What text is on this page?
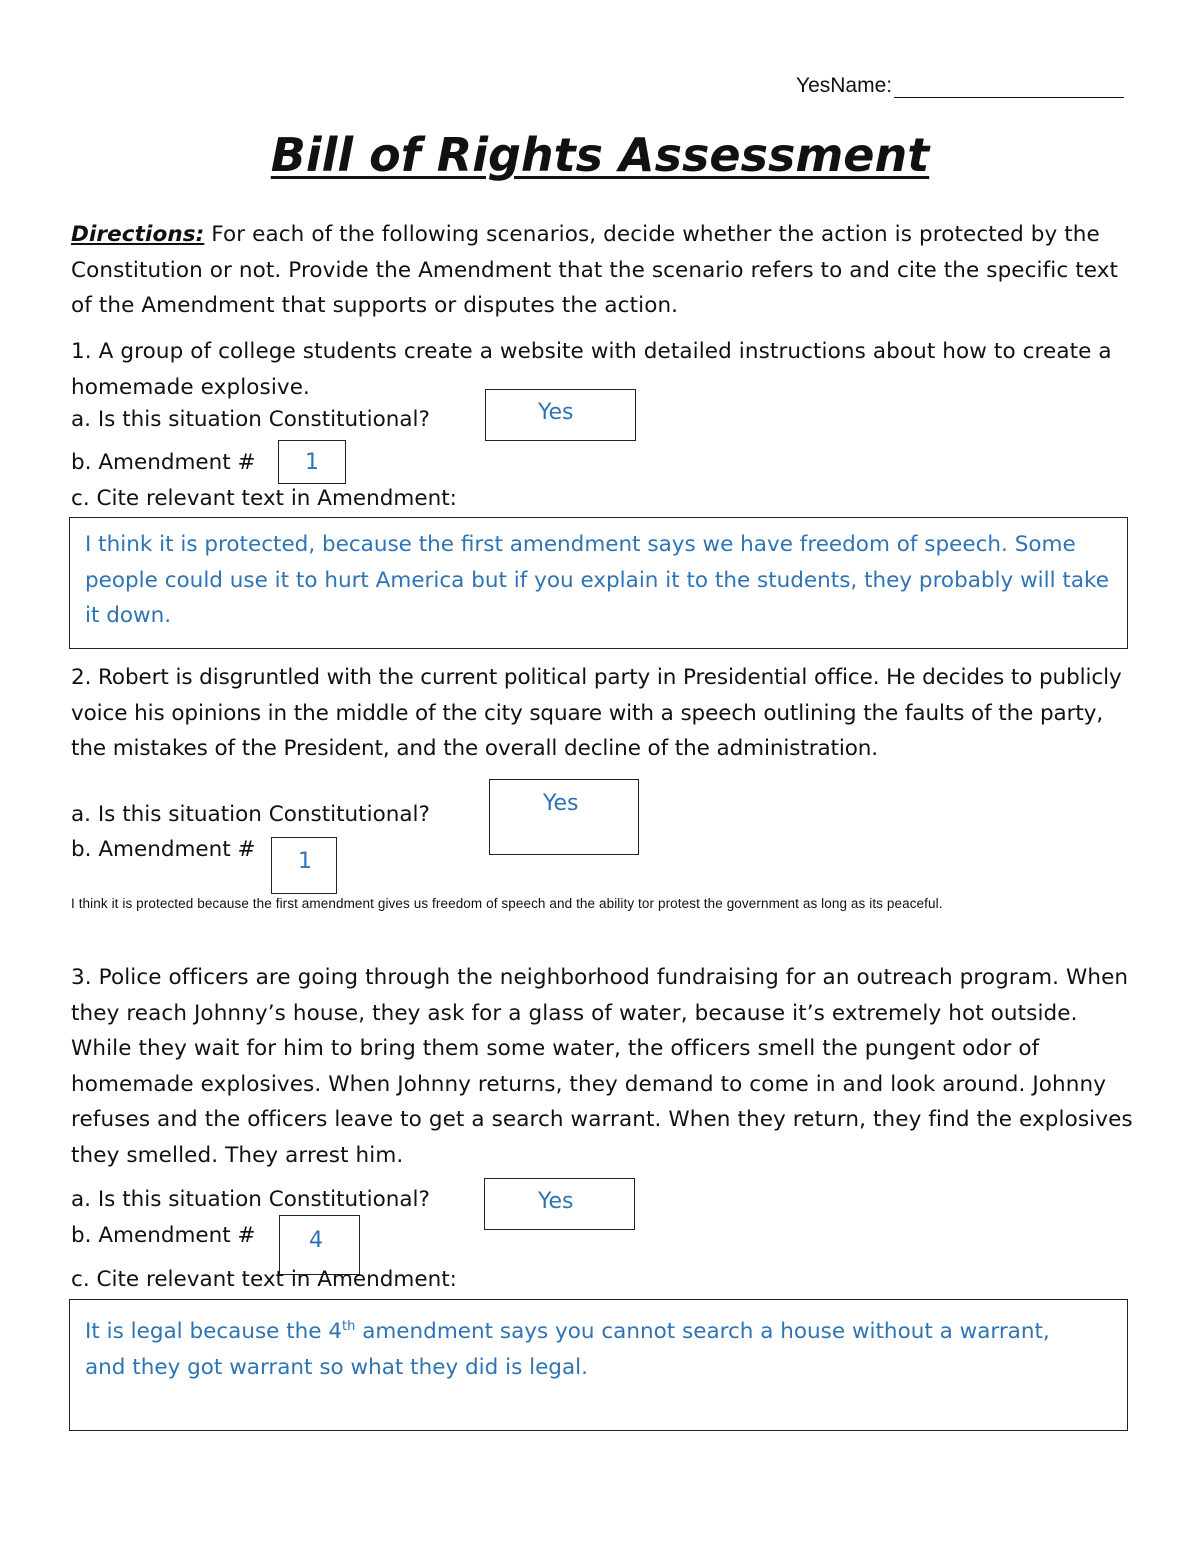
YesName:
Bill of Rights Assessment
Directions: For each of the following scenarios, decide whether the action is protected by the Constitution or not. Provide the Amendment that the scenario refers to and cite the specific text of the Amendment that supports or disputes the action.
1. A group of college students create a website with detailed instructions about how to create a homemade explosive.
a. Is this situation Constitutional?	Yes
b. Amendment # 1
c. Cite relevant text in Amendment:
I think it is protected, because the first amendment says we have freedom of speech. Some people could use it to hurt America but if you explain it to the students, they probably will take it down.
2. Robert is disgruntled with the current political party in Presidential office. He decides to publicly voice his opinions in the middle of the city square with a speech outlining the faults of the party, the mistakes of the President, and the overall decline of the administration.
a. Is this situation Constitutional?	Yes
b. Amendment # 1
I think it is protected because the first amendment gives us freedom of speech and the ability tor protest the government as long as its peaceful.
3. Police officers are going through the neighborhood fundraising for an outreach program. When they reach Johnny’s house, they ask for a glass of water, because it’s extremely hot outside. While they wait for him to bring them some water, the officers smell the pungent odor of homemade explosives. When Johnny returns, they demand to come in and look around. Johnny refuses and the officers leave to get a search warrant. When they return, they find the explosives they smelled. They arrest him.
a. Is this situation Constitutional?	Yes
b. Amendment # 4
c. Cite relevant text in Amendment:
It is legal because the 4th amendment says you cannot search a house without a warrant, and they got warrant so what they did is legal.
